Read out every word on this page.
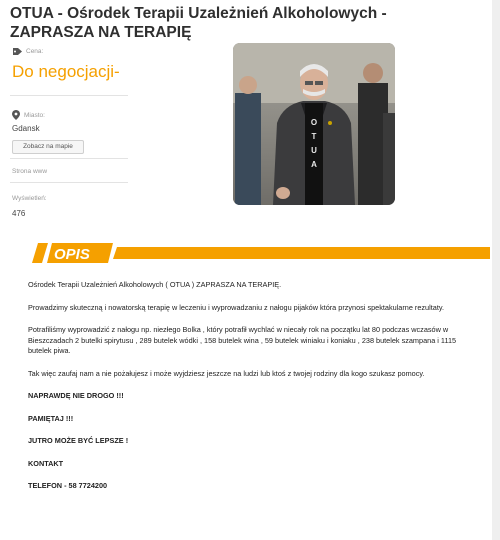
OTUA - Ośrodek Terapii Uzależnień Alkoholowych - ZAPRASZA NA TERAPIĘ
Cena:
Do negocjacji-
Miasto:
Gdansk
Zobacz na mapie
Strona www
Wyświetleń:
476
O
T
U
A
OPIS

Ośrodek Terapii Uzależnień Alkoholowych ( OTUA ) ZAPRASZA NA TERAPIĘ.

Prowadzimy skuteczną i nowatorską terapię w leczeniu i wyprowadzaniu z nałogu pijaków która przynosi spektakularne rezultaty.

Potrafiliśmy wyprowadzić z nałogu np. niezłego Bolka , który potrafił wychlać w niecały rok na początku lat 80 podczas wczasów w Bieszczadach 2 butelki spirytusu , 289 butelek wódki , 158 butelek wina , 59 butelek winiaku i koniaku , 238 butelek szampana i 1115 butelek piwa.

Tak więc zaufaj nam a nie pożałujesz i może wyjdziesz jeszcze na ludzi lub ktoś z twojej rodziny dla kogo szukasz pomocy.

NAPRAWDĘ NIE DROGO !!!

PAMIĘTAJ !!!

JUTRO MOŻE BYĆ LEPSZE !

KONTAKT

TELEFON - 58 7724200
